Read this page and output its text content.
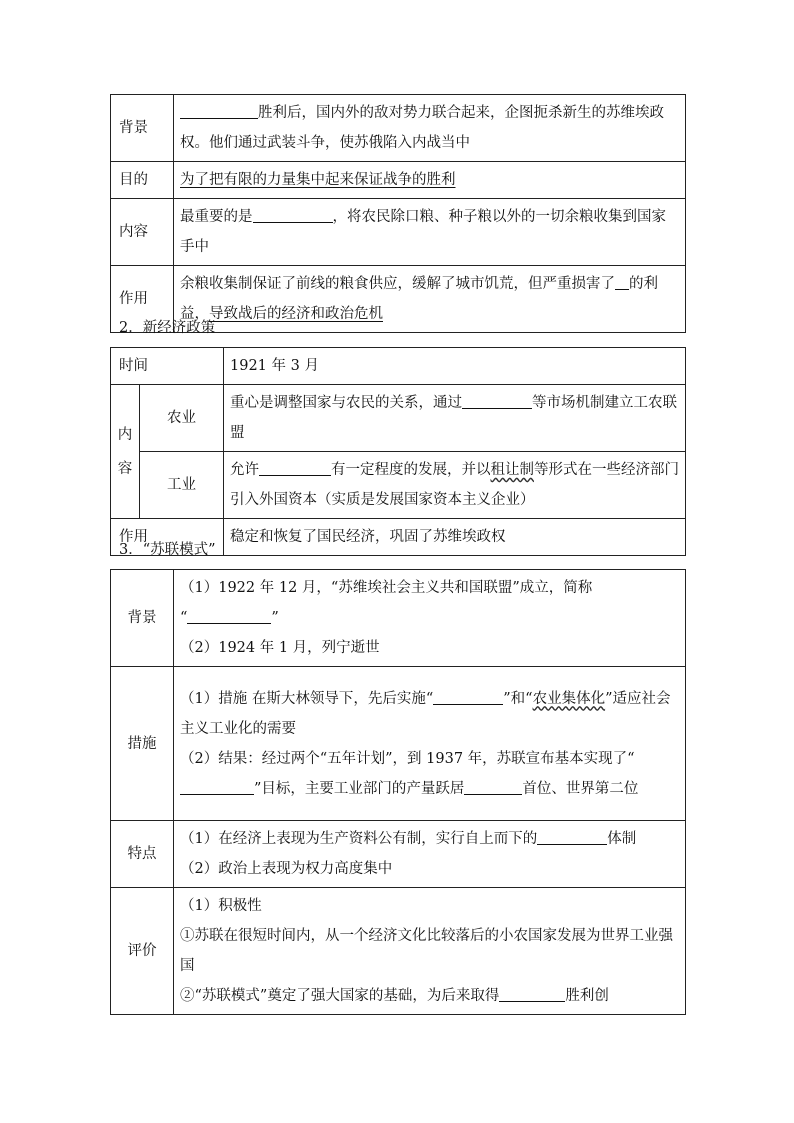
背景	胜利后，国内外的敌对势力联合起来，企图扼杀新生的苏维埃政权。他们通过武装斗争，使苏俄陷入内战当中
目的	为了把有限的力量集中起来保证战争的胜利
内容	最重要的是 ，将农民除口粮、种子粮以外的一切余粮收集到国家手中
作用	余粮收集制保证了前线的粮食供应，缓解了城市饥荒，但严重损害了 的利益，导致战后的经济和政治危机
2．新经济政策
时间		1921 年 3 月

内
容	农业	重心是调整国家与农民的关系，通过 等市场机制建立工农联盟
	工业	允许 有一定程度的发展，并以租让制等形式在一些经济部门引入外国资本（实质是发展国家资本主义企业）
作用		稳定和恢复了国民经济，巩固了苏维埃政权
3．“苏联模式”
背景	（1）1922 年 12 月，“苏维埃社会主义共和国联盟”成立，简称

“ ”

（2）1924 年 1 月，列宁逝世

措施	（1）措施 在斯大林领导下，先后实施“ ”和“农业集体化”适应社会主义工业化的需要

（2）结果：经过两个“五年计划”，到 1937 年，苏联宣布基本实现了“”目标，主要工业部门的产量跃居 首位、世界第二位

特点	（1）在经济上表现为生产资料公有制，实行自上而下的 体制

（2）政治上表现为权力高度集中

评价	（1）积极性

①苏联在很短时间内，从一个经济文化比较落后的小农国家发展为世界工业强国

②“苏联模式”奠定了强大国家的基础，为后来取得 胜利创
